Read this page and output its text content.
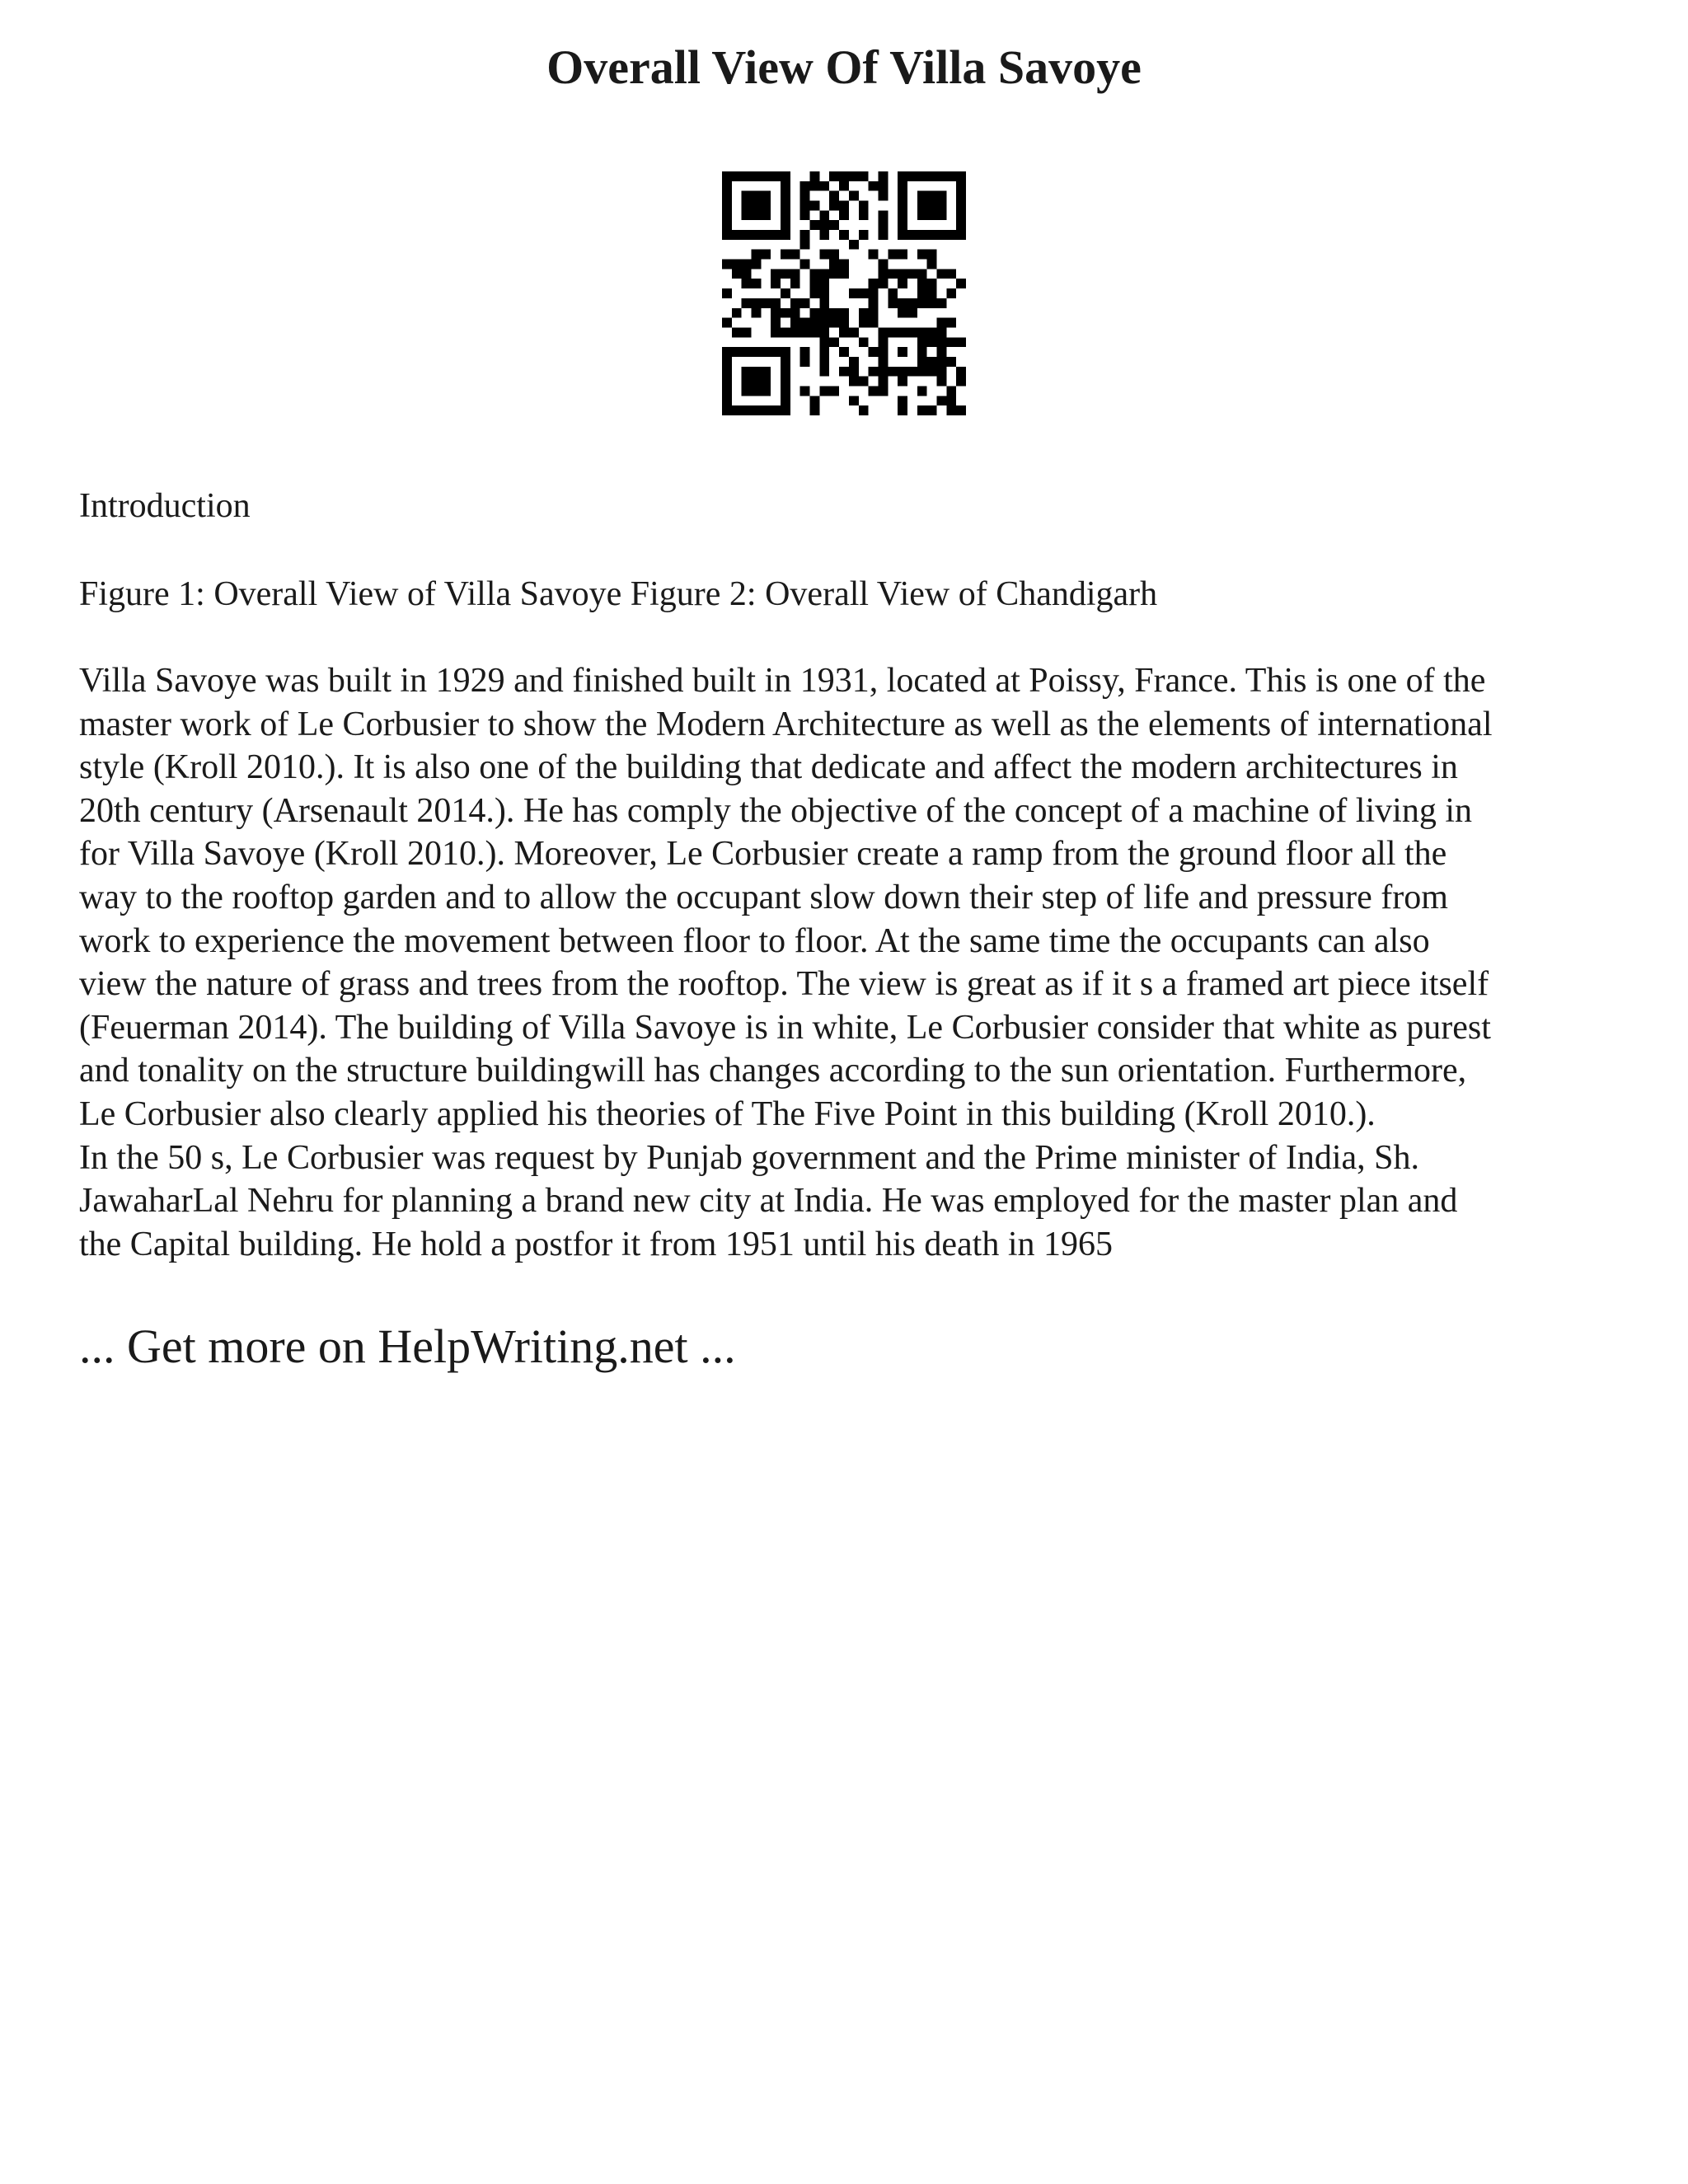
Overall View Of Villa Savoye

Introduction

Figure 1: Overall View of Villa Savoye Figure 2: Overall View of Chandigarh

Villa Savoye was built in 1929 and finished built in 1931, located at Poissy, France. This is one of the
master work of Le Corbusier to show the Modern Architecture as well as the elements of international
style (Kroll 2010.). It is also one of the building that dedicate and affect the modern architectures in
20th century (Arsenault 2014.). He has comply the objective of the concept of a machine of living in
for Villa Savoye (Kroll 2010.). Moreover, Le Corbusier create a ramp from the ground floor all the
way to the rooftop garden and to allow the occupant slow down their step of life and pressure from
work to experience the movement between floor to floor. At the same time the occupants can also
view the nature of grass and trees from the rooftop. The view is great as if it s a framed art piece itself
(Feuerman 2014). The building of Villa Savoye is in white, Le Corbusier consider that white as purest
and tonality on the structure buildingwill has changes according to the sun orientation. Furthermore,
Le Corbusier also clearly applied his theories of The Five Point in this building (Kroll 2010.).
In the 50 s, Le Corbusier was request by Punjab government and the Prime minister of India, Sh.
JawaharLal Nehru for planning a brand new city at India. He was employed for the master plan and
the Capital building. He hold a postfor it from 1951 until his death in 1965
... Get more on HelpWriting.net ...
